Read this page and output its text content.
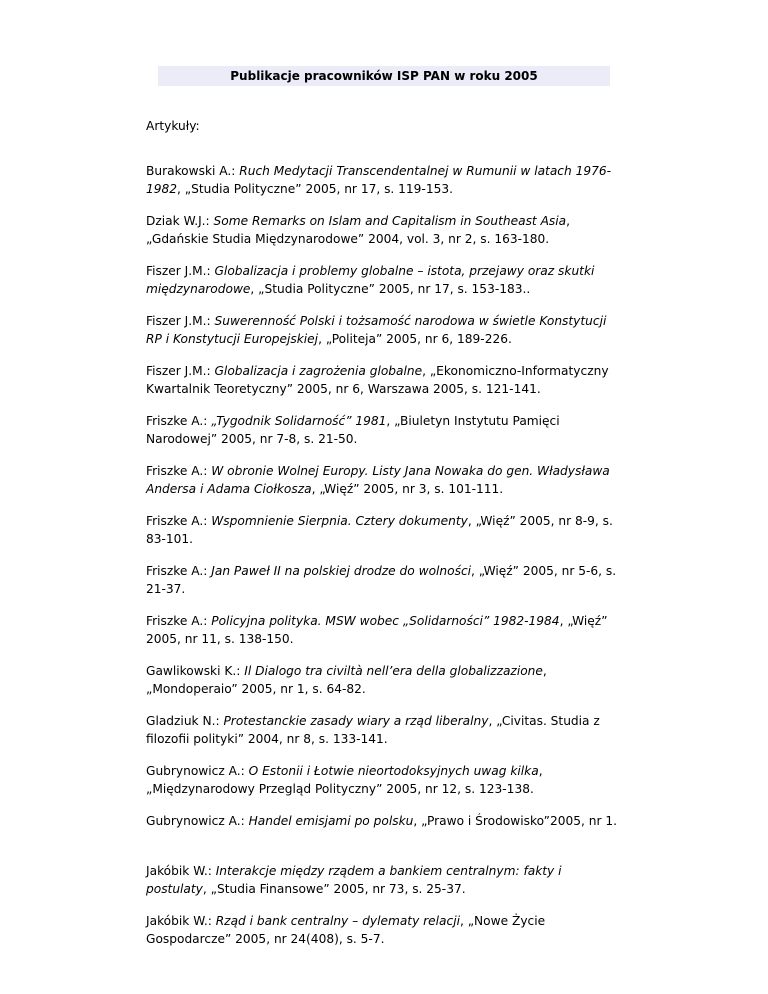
Publikacje pracowników ISP PAN w roku 2005
Artykuły:
Burakowski A.: Ruch Medytacji Transcendentalnej w Rumunii w latach 1976-1982, „Studia Polityczne” 2005, nr 17, s. 119-153.
Dziak W.J.: Some Remarks on Islam and Capitalism in Southeast Asia, „Gdańskie Studia Międzynarodowe” 2004, vol. 3, nr 2, s. 163-180.
Fiszer J.M.: Globalizacja i problemy globalne – istota, przejawy oraz skutki międzynarodowe, „Studia Polityczne” 2005, nr 17, s. 153-183..
Fiszer J.M.: Suwerenność Polski i tożsamość narodowa w świetle Konstytucji RP i Konstytucji Europejskiej, „Politeja” 2005, nr 6, 189-226.
Fiszer J.M.: Globalizacja i zagrożenia globalne, „Ekonomiczno-Informatyczny Kwartalnik Teoretyczny” 2005, nr 6, Warszawa 2005, s. 121-141.
Friszke A.: „Tygodnik Solidarność” 1981, „Biuletyn Instytutu Pamięci Narodowej” 2005, nr 7-8, s. 21-50.
Friszke A.: W obronie Wolnej Europy. Listy Jana Nowaka do gen. Władysława Andersa i Adama Ciołkosza, „Więź” 2005, nr 3, s. 101-111.
Friszke A.: Wspomnienie Sierpnia. Cztery dokumenty, „Więź” 2005, nr 8-9, s. 83-101.
Friszke A.: Jan Paweł II na polskiej drodze do wolności, „Więź” 2005, nr 5-6, s. 21-37.
Friszke A.: Policyjna polityka. MSW wobec „Solidarności” 1982-1984, „Więź” 2005, nr 11, s. 138-150.
Gawlikowski K.: Il Dialogo tra civiltà nell’era della globalizzazione, „Mondoperaio” 2005, nr 1, s. 64-82.
Gladziuk N.: Protestanckie zasady wiary a rząd liberalny, „Civitas. Studia z filozofii polityki” 2004, nr 8, s. 133-141.
Gubrynowicz A.: O Estonii i Łotwie nieortodoksyjnych uwag kilka, „Międzynarodowy Przegląd Polityczny” 2005, nr 12, s. 123-138.
Gubrynowicz A.: Handel emisjami po polsku, „Prawo i Środowisko”2005, nr 1.
Jakóbik W.: Interakcje między rządem a bankiem centralnym: fakty i postulaty, „Studia Finansowe” 2005, nr 73, s. 25-37.
Jakóbik W.: Rząd i bank centralny – dylematy relacji, „Nowe Życie Gospodarcze” 2005, nr 24(408), s. 5-7.
